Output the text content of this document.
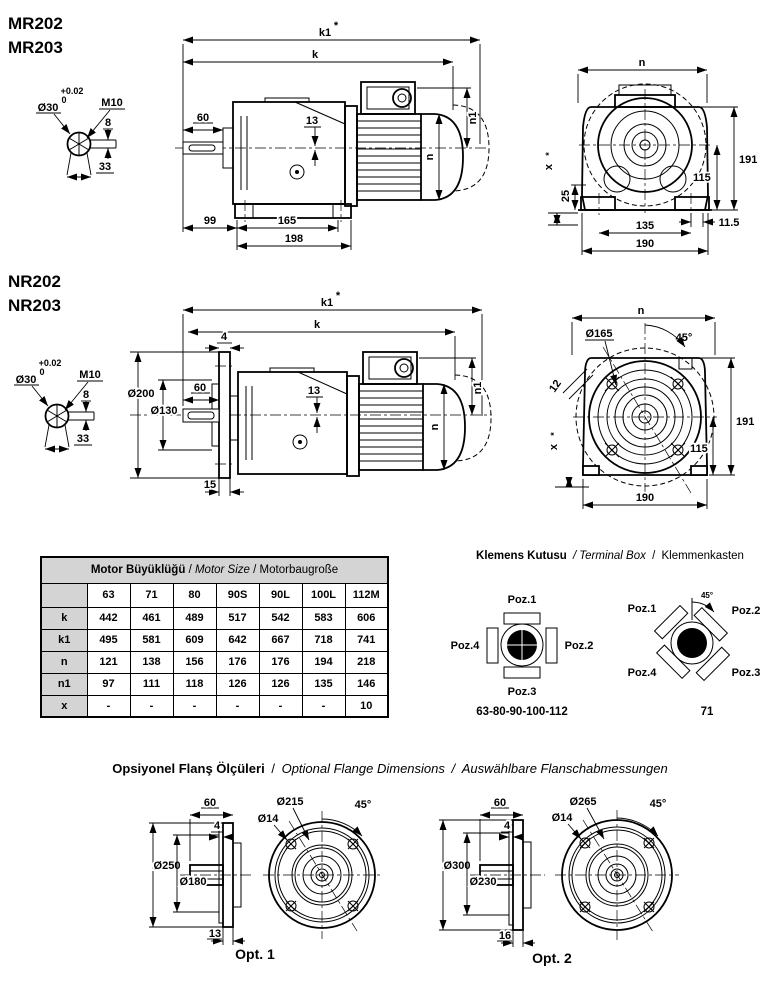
MR202
MR203
+0.02
0
Ø30	M10
8
33
k1
*
k
60	13	n1
n
99	165
198
n
191
115
25
x
*
11.5
135
190
NR202
NR203
+0.02
0
Ø30	M10
8
33
k1
*
k
4
60
Ø200
Ø130
13
15
n1
n
n
Ø165	45°
12
191
115
x
*
190
Motor Büyüklüğü / Motor Size / Motorbaugroße							
	63	71	80	90S	90L	100L	112M
k	442	461	489	517	542	583	606
k1	495	581	609	642	667	718	741
n	121	138	156	176	176	194	218
n1	97	111	118	126	126	135	146
x	-	-	-	-	-	-	10
Klemens Kutusu / Terminal Box / Klemmenkasten
Poz.1
Poz.2
Poz.3
Poz.4
63-80-90-100-112
45°
Poz.1	Poz.2
Poz.3
Poz.4
71
Opsiyonel Flanş Ölçüleri / Optional Flange Dimensions / Auswählbare Flanschabmessungen
Ø250
Ø180
60
4
13
Ø215
Ø14
45°
Opt. 1
Ø300
Ø230
60
4
16
Ø265
Ø14
45°
Opt. 2
